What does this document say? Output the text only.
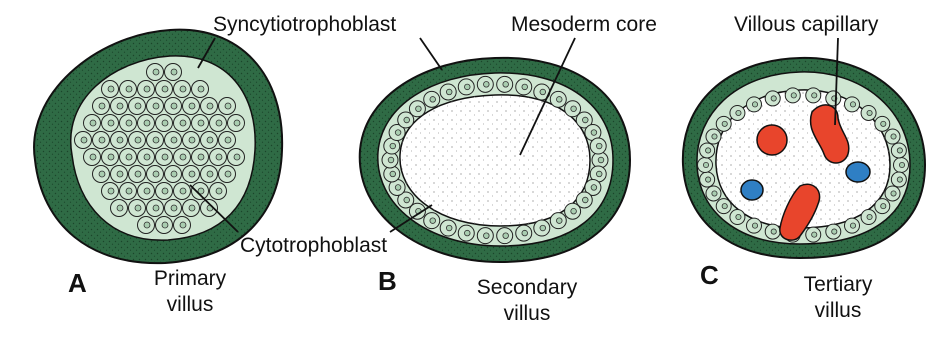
Syncytiotrophoblast	Mesoderm core	Villous capillary
Cytotrophoblast
A	B	C
Primary
villus
Secondary
villus
Tertiary
villus
